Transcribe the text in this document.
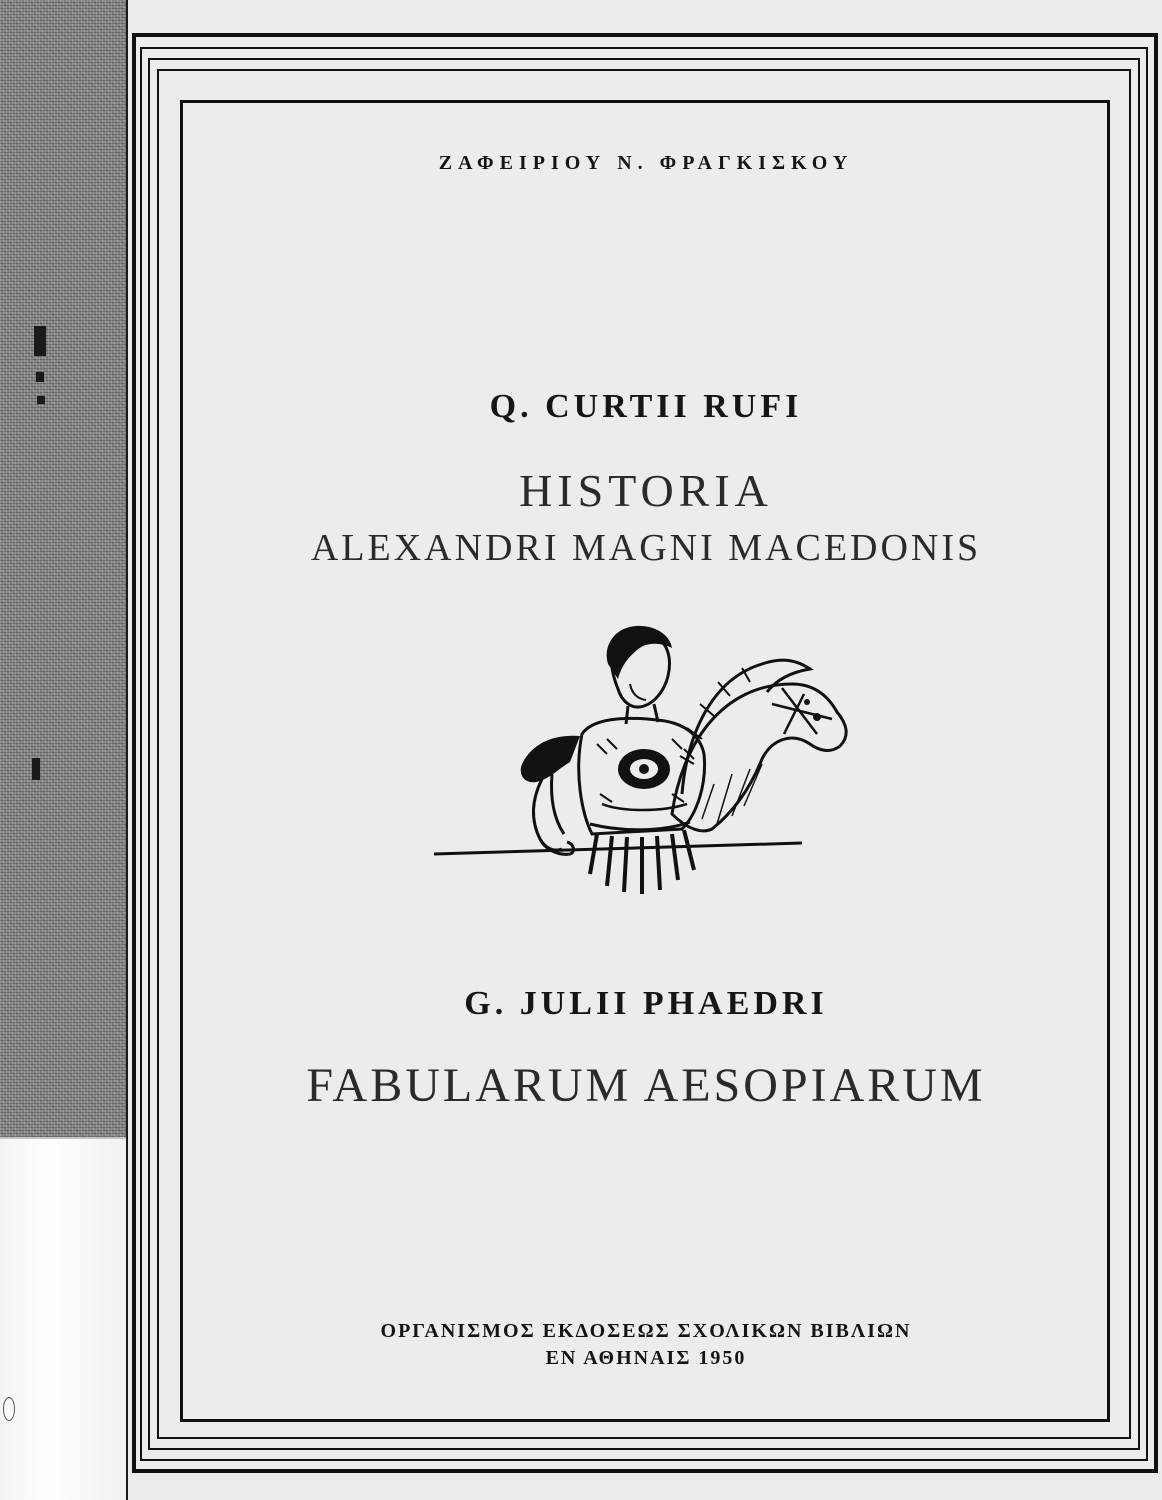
ΖΑΦΕΙΡΙΟΥ Ν. ΦΡΑΓΚΙΣΚΟΥ
Q. CURTII RUFI
HISTORIA
ALEXANDRI MAGNI MACEDONIS
G. JULII PHAEDRI
FABULARUM AESOPIARUM
ΟΡΓΑΝΙΣΜΟΣ ΕΚΔΟΣΕΩΣ ΣΧΟΛΙΚΩΝ ΒΙΒΛΙΩΝ
ΕΝ ΑΘΗΝΑΙΣ 1950
